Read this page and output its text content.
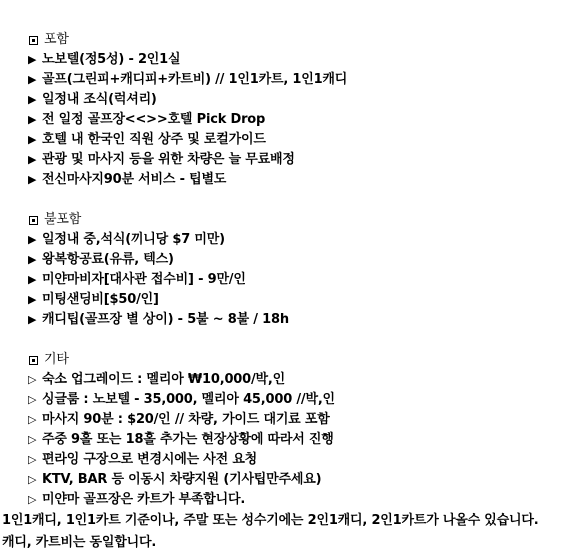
포함
▶ 노보텔(정5성) - 2인1실
▶ 골프(그린피+캐디피+카트비) // 1인1카트, 1인1캐디
▶ 일정내 조식(럭셔리)
▶ 전 일정 골프장<<>>호텔 Pick Drop
▶ 호텔 내 한국인 직원 상주 및 로컬가이드
▶ 관광 및 마사지 등을 위한 차량은 늘 무료배정
▶ 전신마사지90분 서비스 - 팁별도
불포함
▶ 일정내 중,석식(끼니당 $7 미만)
▶ 왕복항공료(유류, 텍스)
▶ 미얀마비자[대사관 접수비] - 9만/인
▶ 미팅샌딩비[$50/인]
▶ 캐디팁(골프장 별 상이) - 5불 ~ 8불 / 18h
기타
▷ 숙소 업그레이드 : 멜리아 ₩10,000/박,인
▷ 싱글룸 : 노보텔 - 35,000, 멜리아 45,000 //박,인
▷ 마사지 90분 : $20/인 // 차량, 가이드 대기료 포함
▷ 주중 9홀 또는 18홀 추가는 현장상황에 따라서 진행
▷ 편라잉 구장으로 변경시에는 사전 요청
▷ KTV, BAR 등 이동시 차량지원 (기사팁만주세요)
▷ 미얀마 골프장은 카트가 부족합니다.
1인1캐디, 1인1카트 기준이나, 주말 또는 성수기에는 2인1캐디, 2인1카트가 나올수 있습니다. 캐디, 카트비는 동일합니다.
